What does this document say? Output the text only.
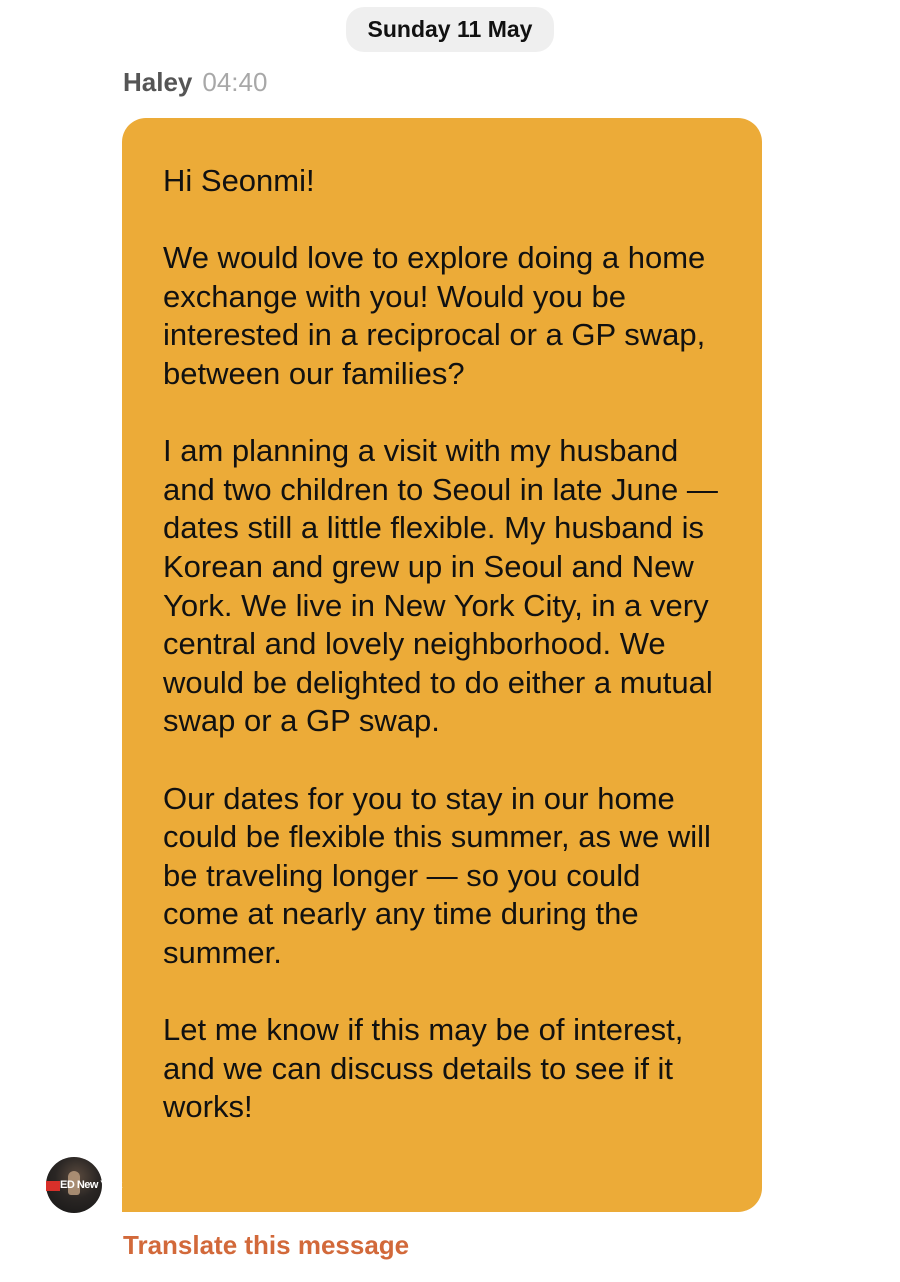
Sunday 11 May
Haley 04:40

Hi Seonmi!

We would love to explore doing a home exchange with you! Would you be interested in a reciprocal or a GP swap, between our families?

I am planning a visit with my husband and two children to Seoul in late June — dates still a little flexible. My husband is Korean and grew up in Seoul and New York. We live in New York City, in a very central and lovely neighborhood. We would be delighted to do either a mutual swap or a GP swap.

Our dates for you to stay in our home could be flexible this summer, as we will be traveling longer — so you could come at nearly any time during the summer.

Let me know if this may be of interest, and we can discuss details to see if it works!

ED New York
Translate this message
